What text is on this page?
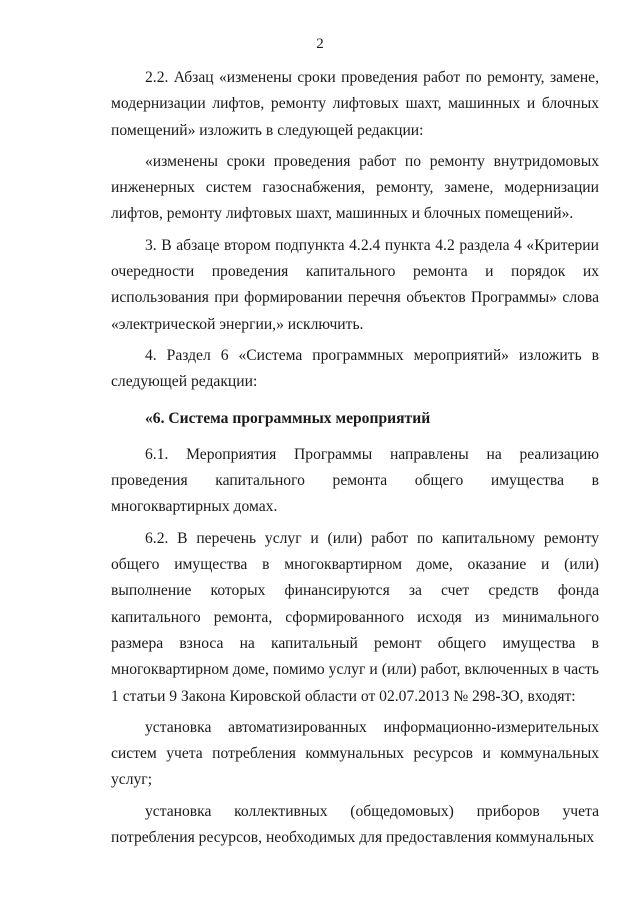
2

2.2. Абзац «изменены сроки проведения работ по ремонту, замене, модернизации лифтов, ремонту лифтовых шахт, машинных и блочных помещений» изложить в следующей редакции:

«изменены сроки проведения работ по ремонту внутридомовых инженерных систем газоснабжения, ремонту, замене, модернизации лифтов, ремонту лифтовых шахт, машинных и блочных помещений».

3. В абзаце втором подпункта 4.2.4 пункта 4.2 раздела 4 «Критерии очередности проведения капитального ремонта и порядок их использования при формировании перечня объектов Программы» слова «электрической энергии,» исключить.

4. Раздел 6 «Система программных мероприятий» изложить в следующей редакции:

«6. Система программных мероприятий

6.1. Мероприятия Программы направлены на реализацию проведения капитального ремонта общего имущества в многоквартирных домах.

6.2. В перечень услуг и (или) работ по капитальному ремонту общего имущества в многоквартирном доме, оказание и (или) выполнение которых финансируются за счет средств фонда капитального ремонта, сформированного исходя из минимального размера взноса на капитальный ремонт общего имущества в многоквартирном доме, помимо услуг и (или) работ, включенных в часть 1 статьи 9 Закона Кировской области от 02.07.2013 № 298-ЗО, входят:

установка автоматизированных информационно-измерительных систем учета потребления коммунальных ресурсов и коммунальных услуг;

установка коллективных (общедомовых) приборов учета потребления ресурсов, необходимых для предоставления коммунальных
